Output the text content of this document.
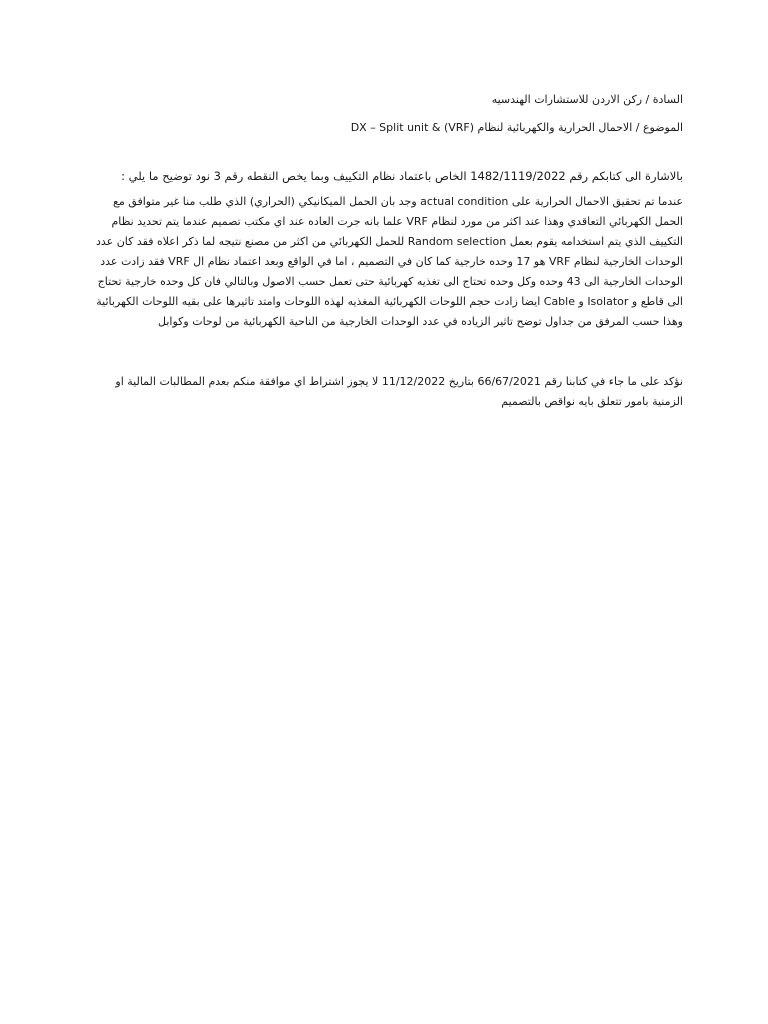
السادة / ركن الاردن للاستشارات الهندسيه
الموضوع / الاحمال الحرارية والكهربائية لنظام (VRF) & DX – Split unit
بالاشارة الى كتابكم رقم 1482/1119/2022 الخاص باعتماد نظام التكييف وبما يخص النقطه رقم 3 نود توضيح ما يلي :
عندما تم تحقيق الاحمال الحرارية على actual condition وجد بان الحمل الميكانيكي (الحراري) الذي طلب منا غير متوافق مع
الحمل الكهربائي التعاقدي وهذا عند اكثر من مورد لنظام VRF علما بانه جرت العاده عند اي مكتب تصميم عندما يتم تحديد نظام
التكييف الذي يتم استخدامه يقوم بعمل Random selection للحمل الكهربائي من اكثر من مصنع نتيجه لما ذكر اعلاه فقد كان عدد
الوحدات الخارجية لنظام VRF هو 17 وحده خارجية كما كان في التصميم ، اما في الواقع وبعد اعتماد نظام ال VRF فقد زادت عدد
الوحدات الخارجية الى 43 وحده وكل وحده تحتاج الى تغذيه كهربائية حتى تعمل حسب الاصول وبالتالي فان كل وحده خارجية تحتاج
الى قاطع و Isolator و Cable ايضا زادت حجم اللوحات الكهربائية المغذيه لهذه اللوحات وامتد تاثيرها على بقيه اللوحات الكهربائية
وهذا حسب المرفق من جداول توضح تاثير الزياده في عدد الوحدات الخارجية من الناحية الكهربائية من لوحات وكوابل
نؤكد على ما جاء في كتابنا رقم 66/67/2021 بتاريخ 11/12/2022 لا يجوز اشتراط اي موافقة منكم بعدم المطالبات المالية او
الزمنية بامور تتعلق بايه نواقص بالتصميم
